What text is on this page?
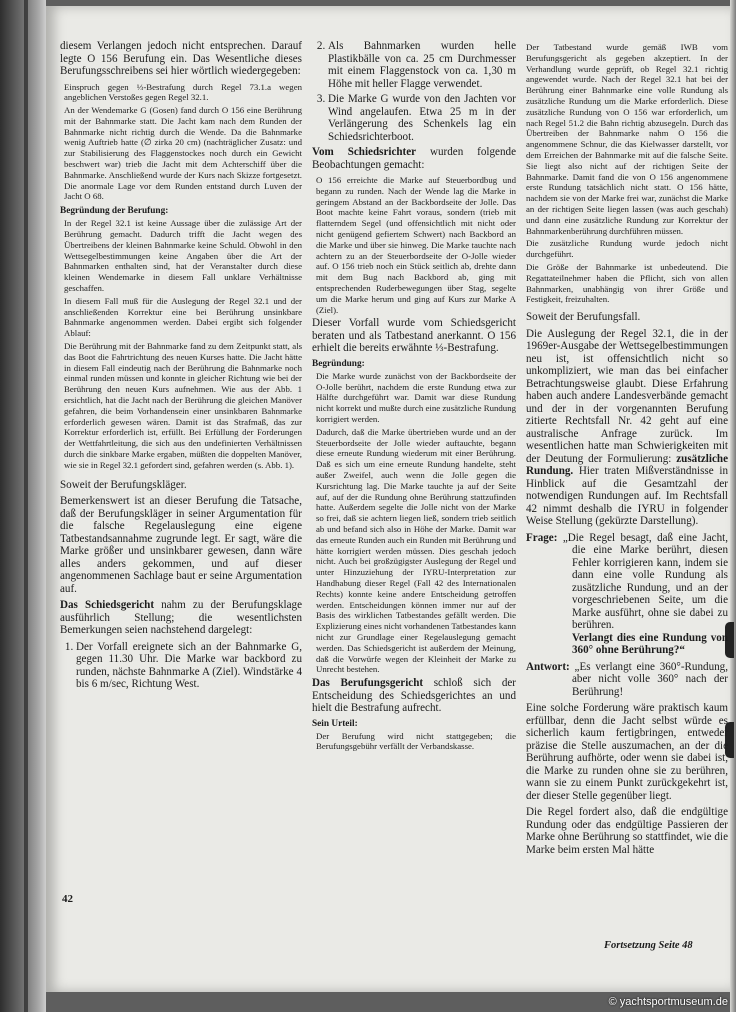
diesem Verlangen jedoch nicht entsprechen. Darauf legte O 156 Berufung ein. Das Wesentliche dieses Berufungsschreibens sei hier wörtlich wiedergegeben:

Einspruch gegen ⅓-Bestrafung durch Regel 73.1.a wegen angeblichen Verstoßes gegen Regel 32.1.

An der Wendemarke G (Gosen) fand durch O 156 eine Berührung mit der Bahnmarke statt. Die Jacht kam nach dem Runden der Bahnmarke nicht richtig durch die Wende. Da die Bahnmarke wenig Auftrieb hatte (∅ zirka 20 cm) (nachträglicher Zusatz: und zur Stabilisierung des Flaggenstockes noch durch ein Gewicht beschwert war) trieb die Jacht mit dem Achterschiff über die Bahnmarke. Anschließend wurde der Kurs nach Skizze fortgesetzt. Die anormale Lage vor dem Runden entstand durch Luven der Jacht O 68.

Begründung der Berufung:

In der Regel 32.1 ist keine Aussage über die zulässige Art der Berührung gemacht. Dadurch trifft die Jacht wegen des Übertreibens der kleinen Bahnmarke keine Schuld. Obwohl in den Wettsegelbestimmungen keine Angaben über die Art der Bahnmarken enthalten sind, hat der Veranstalter durch diese kleinen Wendemarke in diesem Fall unklare Verhältnisse geschaffen.

In diesem Fall muß für die Auslegung der Regel 32.1 und der anschließenden Korrektur eine bei Berührung unsinkbare Bahnmarke angenommen werden. Dabei ergibt sich folgender Ablauf:

Die Berührung mit der Bahnmarke fand zu dem Zeitpunkt statt, als das Boot die Fahrtrichtung des neuen Kurses hatte. Die Jacht hätte in diesem Fall eindeutig nach der Berührung die Bahnmarke noch einmal runden müssen und konnte in gleicher Richtung wie bei der Berührung den neuen Kurs aufnehmen. Wie aus der Abb. 1 ersichtlich, hat die Jacht nach der Berührung die gleichen Manöver gefahren, die beim Vorhandensein einer unsinkbaren Bahnmarke erforderlich gewesen wären. Damit ist das Strafmaß, das zur Korrektur erforderlich ist, erfüllt. Bei Erfüllung der Forderungen der Wettfahrtleitung, die sich aus den undefinierten Verhältnissen durch die sinkbare Marke ergaben, müßten die doppelten Manöver, wie sie in Regel 32.1 gefordert sind, gefahren werden (s. Abb. 1).

Soweit der Berufungskläger.

Bemerkenswert ist an dieser Berufung die Tatsache, daß der Berufungskläger in seiner Argumentation für die falsche Regelauslegung eine eigene Tatbestandsannahme zugrunde legt. Er sagt, wäre die Marke größer und unsinkbarer gewesen, dann wäre alles anders gekommen, und auf dieser angenommenen Sachlage baut er seine Argumentation auf.

Das Schiedsgericht nahm zu der Berufungsklage ausführlich Stellung; die wesentlichsten Bemerkungen seien nachstehend dargelegt:

1. Der Vorfall ereignete sich an der Bahnmarke G, gegen 11.30 Uhr. Die Marke war backbord zu runden, nächste Bahnmarke A (Ziel). Windstärke 4 bis 6 m/sec, Richtung West.
2. Als Bahnmarken wurden helle Plastikbälle von ca. 25 cm Durchmesser mit einem Flaggenstock von ca. 1,30 m Höhe mit heller Flagge verwendet.
3. Die Marke G wurde von den Jachten vor Wind angelaufen. Etwa 25 m in der Verlängerung des Schenkels lag ein Schiedsrichterboot.

Vom Schiedsrichter wurden folgende Beobachtungen gemacht:

O 156 erreichte die Marke auf Steuerbordbug und begann zu runden. Nach der Wende lag die Marke in geringem Abstand an der Backbordseite der Jolle. Das Boot machte keine Fahrt voraus, sondern (trieb mit flatterndem Segel (und offensichtlich mit nicht oder nicht genügend gefiertem Schwert) nach Backbord an die Marke und über sie hinweg. Die Marke tauchte nach achtern zu an der Steuerbordseite der O-Jolle wieder auf. O 156 trieb noch ein Stück seitlich ab, drehte dann mit dem Bug nach Backbord ab, ging mit entsprechenden Ruderbewegungen über Stag, segelte um die Marke herum und ging auf Kurs zur Marke A (Ziel).

Dieser Vorfall wurde vom Schiedsgericht beraten und als Tatbestand anerkannt. O 156 erhielt die bereits erwähnte ⅓-Bestrafung.

Begründung:

Die Marke wurde zunächst von der Backbordseite der O-Jolle berührt, nachdem die erste Rundung etwa zur Hälfte durchgeführt war. Damit war diese Rundung nicht korrekt und mußte durch eine zusätzliche Rundung korrigiert werden.

Dadurch, daß die Marke übertrieben wurde und an der Steuerbordseite der Jolle wieder auftauchte, begann diese erneute Rundung wiederum mit einer Berührung. Daß es sich um eine erneute Rundung handelte, steht außer Zweifel, auch wenn die Jolle gegen die Kursrichtung lag. Die Marke tauchte ja auf der Seite auf, auf der die Rundung ohne Berührung stattzufinden hatte. Außerdem segelte die Jolle nicht von der Marke so frei, daß sie achtern liegen ließ, sondern trieb seitlich ab und befand sich also in Höhe der Marke. Damit war das erneute Runden auch ein Runden mit Berührung und hätte korrigiert werden müssen. Dies geschah jedoch nicht. Auch bei großzügigster Auslegung der Regel und unter Hinzuziehung der IYRU-Interpretation zur Handhabung dieser Regel (Fall 42 des Internationalen Rechts) konnte keine andere Entscheidung getroffen werden. Entscheidungen können immer nur auf der Basis des wirklichen Tatbestandes gefällt werden. Die Explizierung eines nicht vorhandenen Tatbestandes kann nicht zur Grundlage einer Regelauslegung gemacht werden. Das Schiedsgericht ist außerdem der Meinung, daß die Vorwürfe wegen der Kleinheit der Marke zu Unrecht bestehen.

Das Berufungsgericht schloß sich der Entscheidung des Schiedsgerichtes an und hielt die Bestrafung aufrecht.

Sein Urteil:

Der Berufung wird nicht stattgegeben; die Berufungsgebühr verfällt der Verbandskasse.

Der Tatbestand wurde gemäß IWB vom Berufungsgericht als gegeben akzeptiert. In der Verhandlung wurde geprüft, ob Regel 32.1 richtig angewendet wurde. Nach der Regel 32.1 hat bei der Berührung einer Bahnmarke eine volle Rundung als zusätzliche Rundung um die Marke erforderlich. Diese zusätzliche Rundung von O 156 war erforderlich, um nach Regel 51.2 die Bahn richtig abzusegeln. Durch das Übertreiben der Bahnmarke nahm O 156 die angenommene Schnur, die das Kielwasser darstellt, vor dem Erreichen der Bahnmarke mit auf die falsche Seite. Sie liegt also nicht auf der richtigen Seite der Bahnmarke. Damit fand die von O 156 angenommene erste Rundung tatsächlich nicht statt. O 156 hätte, nachdem sie von der Marke frei war, zunächst die Marke an der richtigen Seite liegen lassen (was auch geschah) und dann eine zusätzliche Rundung zur Korrektur der Bahnmarkenberührung durchführen müssen.

Die zusätzliche Rundung wurde jedoch nicht durchgeführt.

Die Größe der Bahnmarke ist unbedeutend. Die Regattateilnehmer haben die Pflicht, sich von allen Bahnmarken, unabhängig von ihrer Größe und Festigkeit, freizuhalten.

Soweit der Berufungsfall.

Die Auslegung der Regel 32.1, die in der 1969er-Ausgabe der Wettsegelbestimmungen neu ist, ist offensichtlich nicht so unkompliziert, wie man das bei einfacher Betrachtungsweise glaubt. Diese Erfahrung haben auch andere Landesverbände gemacht und der in der vorgenannten Berufung zitierte Rechtsfall Nr. 42 geht auf eine australische Anfrage zurück. Im wesentlichen hatte man Schwierigkeiten mit der Deutung der Formulierung: zusätzliche Rundung. Hier traten Mißverständnisse in Hinblick auf die Gesamtzahl der notwendigen Rundungen auf. Im Rechtsfall 42 nimmt deshalb die IYRU in folgender Weise Stellung (gekürzte Darstellung).

Frage: „Die Regel besagt, daß eine Jacht, die eine Marke berührt, diesen Fehler korrigieren kann, indem sie dann eine volle Rundung als zusätzliche Rundung, und an der vorgeschriebenen Seite, um die Marke ausführt, ohne sie dabei zu berühren.
Verlangt dies eine Rundung von 360° ohne Berührung?“

Antwort: „Es verlangt eine 360°-Rundung, aber nicht volle 360° nach der Berührung!

Eine solche Forderung wäre praktisch kaum erfüllbar, denn die Jacht selbst würde es sicherlich kaum fertigbringen, entweder präzise die Stelle auszumachen, an der die Berührung aufhörte, oder wenn sie dabei ist, die Marke zu runden ohne sie zu berühren, wann sie zu einem Punkt zurückgekehrt ist, der dieser Stelle gegenüber liegt.

Die Regel fordert also, daß die endgültige Rundung oder das endgültige Passieren der Marke ohne Berührung so stattfindet, wie die Marke beim ersten Mal hätte

42
Fortsetzung Seite 48
© yachtsportmuseum.de
